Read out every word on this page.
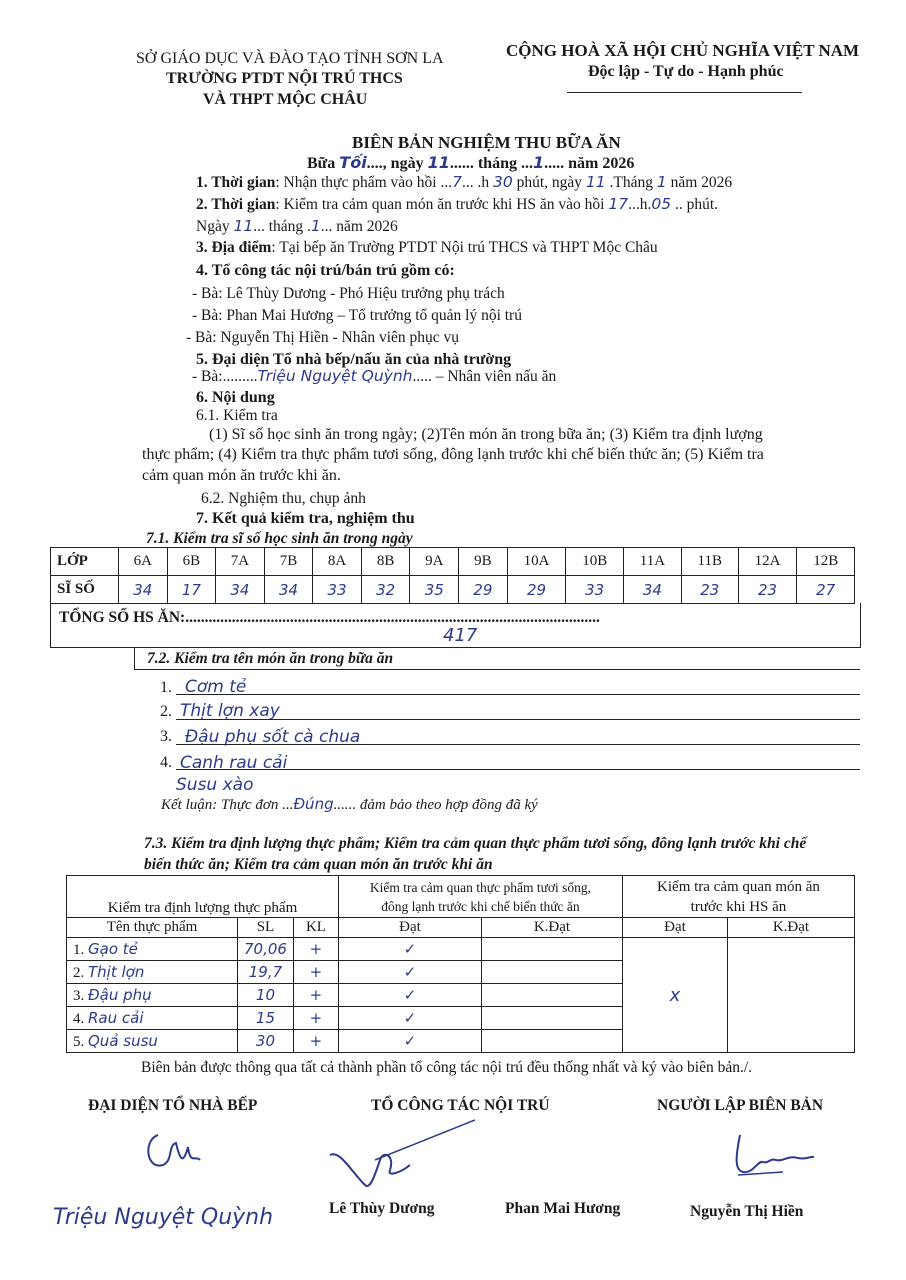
SỞ GIÁO DỤC VÀ ĐÀO TẠO TỈNH SƠN LA
TRƯỜNG PTDT NỘI TRÚ THCS
VÀ THPT MỘC CHÂU
CỘNG HOÀ XÃ HỘI CHỦ NGHĨA VIỆT NAM
Độc lập - Tự do - Hạnh phúc
BIÊN BẢN NGHIỆM THU BỮA ĂN
Bữa Tối...., ngày 11...... tháng ...1..... năm 2026
1. Thời gian: Nhận thực phẩm vào hồi ...7... .h 30 phút, ngày 11 .Tháng 1 năm 2026
2. Thời gian: Kiểm tra cảm quan món ăn trước khi HS ăn vào hồi 17...h.05 .. phút.
Ngày 11... tháng .1... năm 2026
3. Địa điểm: Tại bếp ăn Trường PTDT Nội trú THCS và THPT Mộc Châu
4. Tổ công tác nội trú/bán trú gồm có:
- Bà: Lê Thùy Dương - Phó Hiệu trưởng phụ trách
- Bà: Phan Mai Hương – Tổ trưởng tổ quản lý nội trú
- Bà: Nguyễn Thị Hiền - Nhân viên phục vụ
5. Đại diện Tổ nhà bếp/nấu ăn của nhà trường
- Bà:.........Triệu Nguyệt Quỳnh..... – Nhân viên nấu ăn
6. Nội dung
6.1. Kiểm tra
(1) Sĩ số học sinh ăn trong ngày; (2)Tên món ăn trong bữa ăn; (3) Kiểm tra định lượng
thực phẩm; (4) Kiểm tra thực phẩm tươi sống, đông lạnh trước khi chế biến thức ăn; (5) Kiểm tra
cảm quan món ăn trước khi ăn.
6.2. Nghiệm thu, chụp ảnh
7. Kết quả kiểm tra, nghiệm thu
7.1. Kiểm tra sĩ số học sinh ăn trong ngày
LỚP	6A	6B	7A	7B	8A	8B	9A	9B	10A	10B	11A	11B	12A	12B
SĨ SỐ	34	17	34	34	33	32	35	29	29	33	34	23	23	27
TỔNG SỐ HS ĂN:...........................................................................................................
417
7.2. Kiểm tra tên món ăn trong bữa ăn
1. Cơm tẻ
2. Thịt lợn xay
3. Đậu phụ sốt cà chua
4. Canh rau cải
Susu xào
Kết luận: Thực đơn ...Đúng...... đảm bảo theo hợp đồng đã ký
7.3. Kiểm tra định lượng thực phẩm; Kiểm tra cảm quan thực phẩm tươi sống, đông lạnh trước khi chế
biến thức ăn; Kiểm tra cảm quan món ăn trước khi ăn
Kiểm tra định lượng thực phẩm			Kiểm tra cảm quan thực phẩm tươi sống,
đông lạnh trước khi chế biến thức ăn		Kiểm tra cảm quan món ăn
trước khi HS ăn	
Tên thực phẩm	SL	KL	Đạt	K.Đạt	Đạt	K.Đạt
1. Gạo tẻ	70,06	+	✓		x	
2. Thịt lợn	19,7	+	✓			
3. Đậu phụ	10	+	✓			
4. Rau cải	15	+	✓			
5. Quả susu	30	+	✓			
Biên bản được thông qua tất cả thành phần tổ công tác nội trú đều thống nhất và ký vào biên bản./.
ĐẠI DIỆN TỔ NHÀ BẾP	TỔ CÔNG TÁC NỘI TRÚ	NGƯỜI LẬP BIÊN BẢN
Triệu Nguyệt Quỳnh	Lê Thùy Dương	Phan Mai Hương	Nguyễn Thị Hiền
